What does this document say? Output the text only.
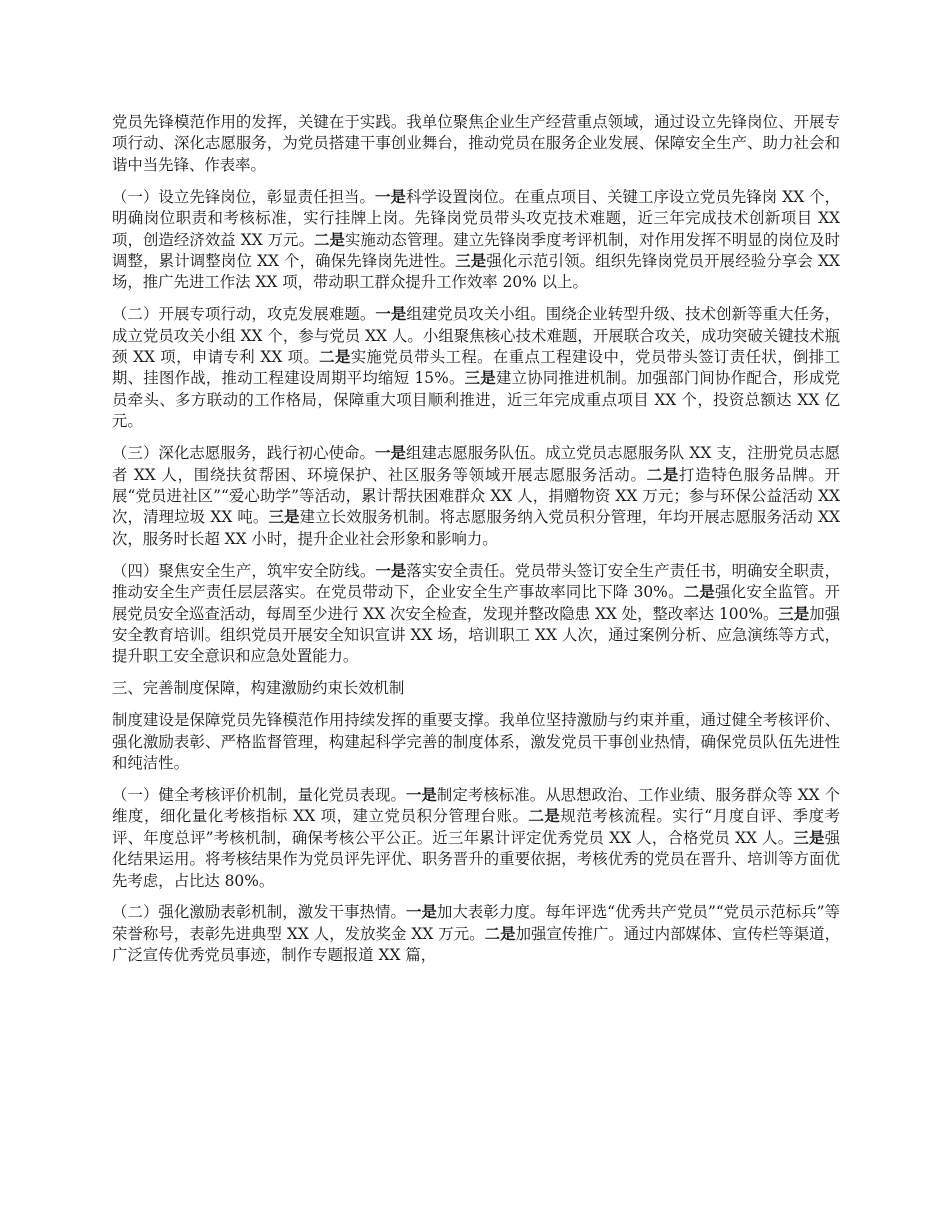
党员先锋模范作用的发挥，关键在于实践。我单位聚焦企业生产经营重点领域，通过设立先锋岗位、开展专项行动、深化志愿服务，为党员搭建干事创业舞台，推动党员在服务企业发展、保障安全生产、助力社会和谐中当先锋、作表率。

（一）设立先锋岗位，彰显责任担当。一是科学设置岗位。在重点项目、关键工序设立党员先锋岗 XX 个，明确岗位职责和考核标准，实行挂牌上岗。先锋岗党员带头攻克技术难题，近三年完成技术创新项目 XX 项，创造经济效益 XX 万元。二是实施动态管理。建立先锋岗季度考评机制，对作用发挥不明显的岗位及时调整，累计调整岗位 XX 个，确保先锋岗先进性。三是强化示范引领。组织先锋岗党员开展经验分享会 XX 场，推广先进工作法 XX 项，带动职工群众提升工作效率 20% 以上。

（二）开展专项行动，攻克发展难题。一是组建党员攻关小组。围绕企业转型升级、技术创新等重大任务，成立党员攻关小组 XX 个，参与党员 XX 人。小组聚焦核心技术难题，开展联合攻关，成功突破关键技术瓶颈 XX 项，申请专利 XX 项。二是实施党员带头工程。在重点工程建设中，党员带头签订责任状，倒排工期、挂图作战，推动工程建设周期平均缩短 15%。三是建立协同推进机制。加强部门间协作配合，形成党员牵头、多方联动的工作格局，保障重大项目顺利推进，近三年完成重点项目 XX 个，投资总额达 XX 亿元。

（三）深化志愿服务，践行初心使命。一是组建志愿服务队伍。成立党员志愿服务队 XX 支，注册党员志愿者 XX 人，围绕扶贫帮困、环境保护、社区服务等领域开展志愿服务活动。二是打造特色服务品牌。开展“党员进社区”“爱心助学”等活动，累计帮扶困难群众 XX 人，捐赠物资 XX 万元；参与环保公益活动 XX 次，清理垃圾 XX 吨。三是建立长效服务机制。将志愿服务纳入党员积分管理，年均开展志愿服务活动 XX 次，服务时长超 XX 小时，提升企业社会形象和影响力。

（四）聚焦安全生产，筑牢安全防线。一是落实安全责任。党员带头签订安全生产责任书，明确安全职责，推动安全生产责任层层落实。在党员带动下，企业安全生产事故率同比下降 30%。二是强化安全监管。开展党员安全巡查活动，每周至少进行 XX 次安全检查，发现并整改隐患 XX 处，整改率达 100%。三是加强安全教育培训。组织党员开展安全知识宣讲 XX 场，培训职工 XX 人次，通过案例分析、应急演练等方式，提升职工安全意识和应急处置能力。

三、完善制度保障，构建激励约束长效机制

制度建设是保障党员先锋模范作用持续发挥的重要支撑。我单位坚持激励与约束并重，通过健全考核评价、强化激励表彰、严格监督管理，构建起科学完善的制度体系，激发党员干事创业热情，确保党员队伍先进性和纯洁性。

（一）健全考核评价机制，量化党员表现。一是制定考核标准。从思想政治、工作业绩、服务群众等 XX 个维度，细化量化考核指标 XX 项，建立党员积分管理台账。二是规范考核流程。实行“月度自评、季度考评、年度总评”考核机制，确保考核公平公正。近三年累计评定优秀党员 XX 人，合格党员 XX 人。三是强化结果运用。将考核结果作为党员评先评优、职务晋升的重要依据，考核优秀的党员在晋升、培训等方面优先考虑，占比达 80%。

（二）强化激励表彰机制，激发干事热情。一是加大表彰力度。每年评选“优秀共产党员”“党员示范标兵”等荣誉称号，表彰先进典型 XX 人，发放奖金 XX 万元。二是加强宣传推广。通过内部媒体、宣传栏等渠道，广泛宣传优秀党员事迹，制作专题报道 XX 篇，
